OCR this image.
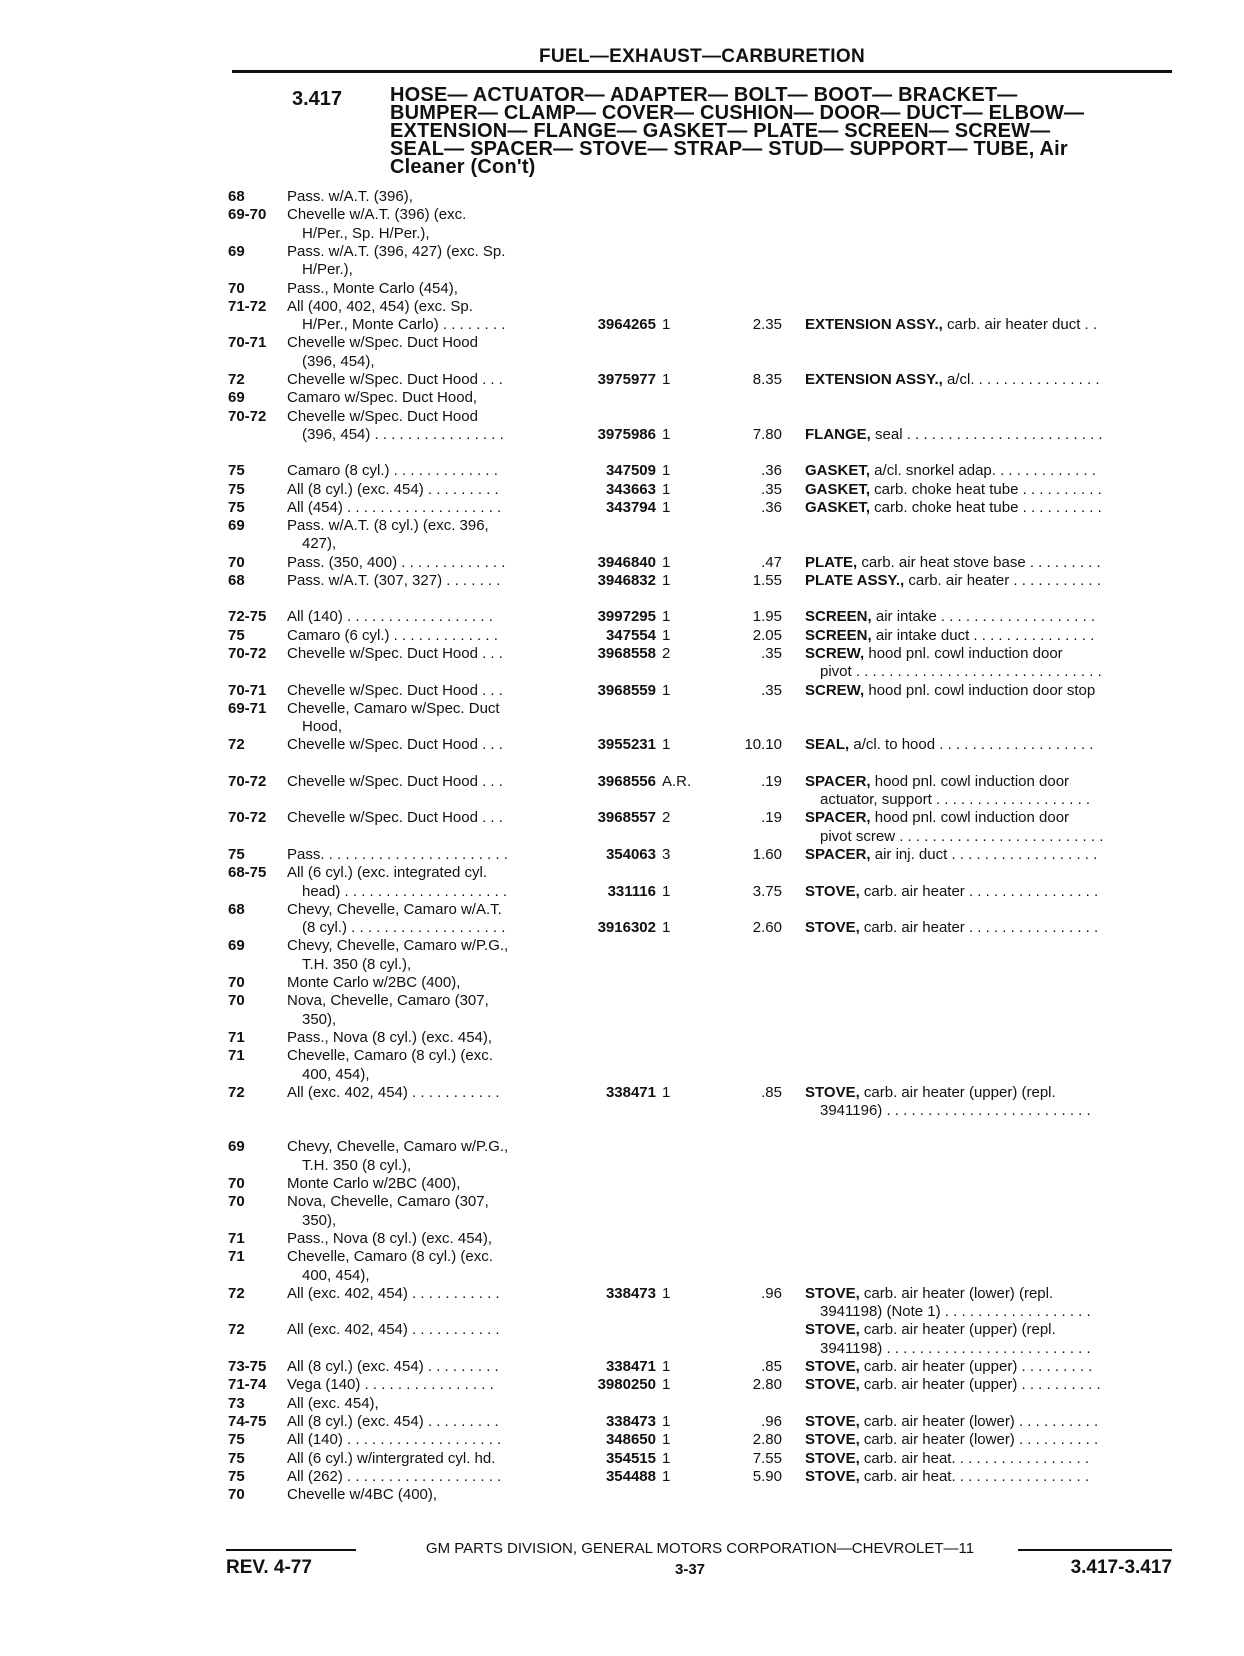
FUEL—EXHAUST—CARBURETION
3.417 HOSE— ACTUATOR— ADAPTER— BOLT— BOOT— BRACKET—
BUMPER— CLAMP— COVER— CUSHION— DOOR— DUCT— ELBOW—
EXTENSION— FLANGE— GASKET— PLATE— SCREEN— SCREW—
SEAL— SPACER— STOVE— STRAP— STUD— SUPPORT— TUBE, Air
Cleaner (Con't)
68	Pass. w/A.T. (396),
69-70	Chevelle w/A.T. (396) (exc.
H/Per., Sp. H/Per.),
69	Pass. w/A.T. (396, 427) (exc. Sp.
H/Per.),
70	Pass., Monte Carlo (454),
71-72	All (400, 402, 454) (exc. Sp.
H/Per., Monte Carlo) . . . . . . . .	3964265 1	2.35 EXTENSION ASSY., carb. air heater duct . .
70-71	Chevelle w/Spec. Duct Hood
(396, 454),
72	Chevelle w/Spec. Duct Hood . . .	3975977 1	8.35 EXTENSION ASSY., a/cl. . . . . . . . . . . . . . . .
69	Camaro w/Spec. Duct Hood,
70-72	Chevelle w/Spec. Duct Hood
(396, 454) . . . . . . . . . . . . . . . .	3975986 1	7.80 FLANGE, seal . . . . . . . . . . . . . . . . . . . . . . . .
75	Camaro (8 cyl.) . . . . . . . . . . . . .	347509 1	.36 GASKET, a/cl. snorkel adap. . . . . . . . . . . . .
75	All (8 cyl.) (exc. 454) . . . . . . . . .	343663 1	.35 GASKET, carb. choke heat tube . . . . . . . . . .
75	All (454) . . . . . . . . . . . . . . . . . . .	343794 1	.36 GASKET, carb. choke heat tube . . . . . . . . . .
69	Pass. w/A.T. (8 cyl.) (exc. 396,
427),
70	Pass. (350, 400) . . . . . . . . . . . . .	3946840 1	.47 PLATE, carb. air heat stove base . . . . . . . . .
68	Pass. w/A.T. (307, 327) . . . . . . .	3946832 1	1.55 PLATE ASSY., carb. air heater . . . . . . . . . . .
72-75	All (140) . . . . . . . . . . . . . . . . . .	3997295 1	1.95 SCREEN, air intake . . . . . . . . . . . . . . . . . . .
75	Camaro (6 cyl.) . . . . . . . . . . . . .	347554 1	2.05 SCREEN, air intake duct . . . . . . . . . . . . . . .
70-72	Chevelle w/Spec. Duct Hood . . .	3968558 2	.35 SCREW, hood pnl. cowl induction door
pivot . . . . . . . . . . . . . . . . . . . . . . . . . . . . . .
70-71	Chevelle w/Spec. Duct Hood . . .	3968559 1	.35 SCREW, hood pnl. cowl induction door stop
69-71	Chevelle, Camaro w/Spec. Duct
Hood,
72	Chevelle w/Spec. Duct Hood . . .	3955231 1	10.10 SEAL, a/cl. to hood . . . . . . . . . . . . . . . . . . .
70-72	Chevelle w/Spec. Duct Hood . . .	3968556 A.R.	.19 SPACER, hood pnl. cowl induction door
actuator, support . . . . . . . . . . . . . . . . . . .
70-72	Chevelle w/Spec. Duct Hood . . .	3968557 2	.19 SPACER, hood pnl. cowl induction door
pivot screw . . . . . . . . . . . . . . . . . . . . . . . . .
75	Pass. . . . . . . . . . . . . . . . . . . . . . .	354063 3	1.60 SPACER, air inj. duct . . . . . . . . . . . . . . . . . .
68-75	All (6 cyl.) (exc. integrated cyl.
head) . . . . . . . . . . . . . . . . . . . .	331116 1	3.75 STOVE, carb. air heater . . . . . . . . . . . . . . . .
68	Chevy, Chevelle, Camaro w/A.T.
(8 cyl.) . . . . . . . . . . . . . . . . . . .	3916302 1	2.60 STOVE, carb. air heater . . . . . . . . . . . . . . . .
69	Chevy, Chevelle, Camaro w/P.G.,
T.H. 350 (8 cyl.),
70	Monte Carlo w/2BC (400),
70	Nova, Chevelle, Camaro (307,
350),
71	Pass., Nova (8 cyl.) (exc. 454),
71	Chevelle, Camaro (8 cyl.) (exc.
400, 454),
72	All (exc. 402, 454) . . . . . . . . . . .	338471 1	.85 STOVE, carb. air heater (upper) (repl.
3941196) . . . . . . . . . . . . . . . . . . . . . . . . .
69	Chevy, Chevelle, Camaro w/P.G.,
T.H. 350 (8 cyl.),
70	Monte Carlo w/2BC (400),
70	Nova, Chevelle, Camaro (307,
350),
71	Pass., Nova (8 cyl.) (exc. 454),
71	Chevelle, Camaro (8 cyl.) (exc.
400, 454),
72	All (exc. 402, 454) . . . . . . . . . . .	338473 1	.96 STOVE, carb. air heater (lower) (repl.
3941198) (Note 1) . . . . . . . . . . . . . . . . . .
72	All (exc. 402, 454) . . . . . . . . . . .	STOVE, carb. air heater (upper) (repl.
3941198) . . . . . . . . . . . . . . . . . . . . . . . . .
73-75	All (8 cyl.) (exc. 454) . . . . . . . . .	338471 1	.85 STOVE, carb. air heater (upper) . . . . . . . . .
71-74	Vega (140) . . . . . . . . . . . . . . . .	3980250 1	2.80 STOVE, carb. air heater (upper) . . . . . . . . . .
73	All (exc. 454),
74-75	All (8 cyl.) (exc. 454) . . . . . . . . .	338473 1	.96 STOVE, carb. air heater (lower) . . . . . . . . . .
75	All (140) . . . . . . . . . . . . . . . . . . .	348650 1	2.80 STOVE, carb. air heater (lower) . . . . . . . . . .
75	All (6 cyl.) w/intergrated cyl. hd.	354515 1	7.55 STOVE, carb. air heat. . . . . . . . . . . . . . . . .
75	All (262) . . . . . . . . . . . . . . . . . . .	354488 1	5.90 STOVE, carb. air heat. . . . . . . . . . . . . . . . .
70	Chevelle w/4BC (400),
GM PARTS DIVISION, GENERAL MOTORS CORPORATION—CHEVROLET—11
REV. 4-77	3-37	3.417-3.417
